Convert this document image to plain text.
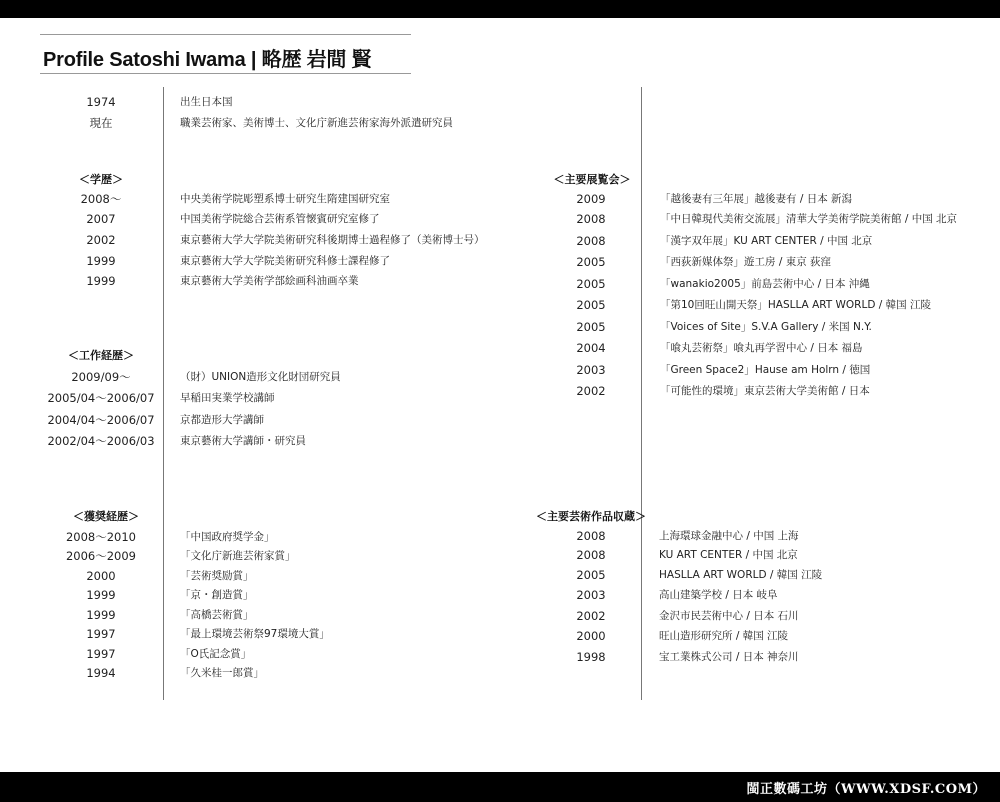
Profile Satoshi Iwama | 略歴 岩間 賢
1974	出生日本国
現在	職業芸術家、美術博士、文化庁新進芸術家海外派遣研究員
＜学歴＞
2008〜	中央美術学院彫塑系博士研究生隋建国研究室
2007	中国美術学院総合芸術系管懐賓研究室修了
2002	東京藝術大学大学院美術研究科後期博士過程修了（美術博士号）
1999	東京藝術大学大学院美術研究科修士課程修了
1999	東京藝術大学美術学部絵画科油画卒業
＜工作経歴＞
2009/09〜	（財）UNION造形文化財団研究員
2005/04〜2006/07	早稲田実業学校講師
2004/04〜2006/07	京都造形大学講師
2002/04〜2006/03	東京藝術大学講師・研究員
＜獲奨経歴＞
2008〜2010	「中国政府奨学金」
2006〜2009	「文化庁新進芸術家賞」
2000	「芸術奨励賞」
1999	「京・創造賞」
1999	「高橋芸術賞」
1997	「最上環境芸術祭97環境大賞」
1997	「O氏記念賞」
1994	「久米桂一郎賞」
＜主要展覧会＞
2009	「越後妻有三年展」越後妻有 / 日本 新潟
2008	「中日韓現代美術交流展」清華大学美術学院美術館 / 中国 北京
2008	「漢字双年展」KU ART CENTER / 中国 北京
2005	「西荻新媒体祭」遊工房 / 東京 荻窪
2005	「wanakio2005」前島芸術中心 / 日本 沖縄
2005	「第10回旺山開天祭」HASLLA ART WORLD / 韓国 江陵
2005	「Voices of Site」S.V.A Gallery / 米国 N.Y.
2004	「喰丸芸術祭」喰丸再学習中心 / 日本 福島
2003	「Green Space2」Hause am Holrn / 徳国
2002	「可能性的環境」東京芸術大学美術館 / 日本
＜主要芸術作品収蔵＞
2008	上海環球金融中心 / 中国 上海
2008	KU ART CENTER / 中国 北京
2005	HASLLA ART WORLD / 韓国 江陵
2003	高山建築学校 / 日本 岐阜
2002	金沢市民芸術中心 / 日本 石川
2000	旺山造形研究所 / 韓国 江陵
1998	宝工業株式公司 / 日本 神奈川
閩正數碼工坊（WWW.XDSF.COM）
